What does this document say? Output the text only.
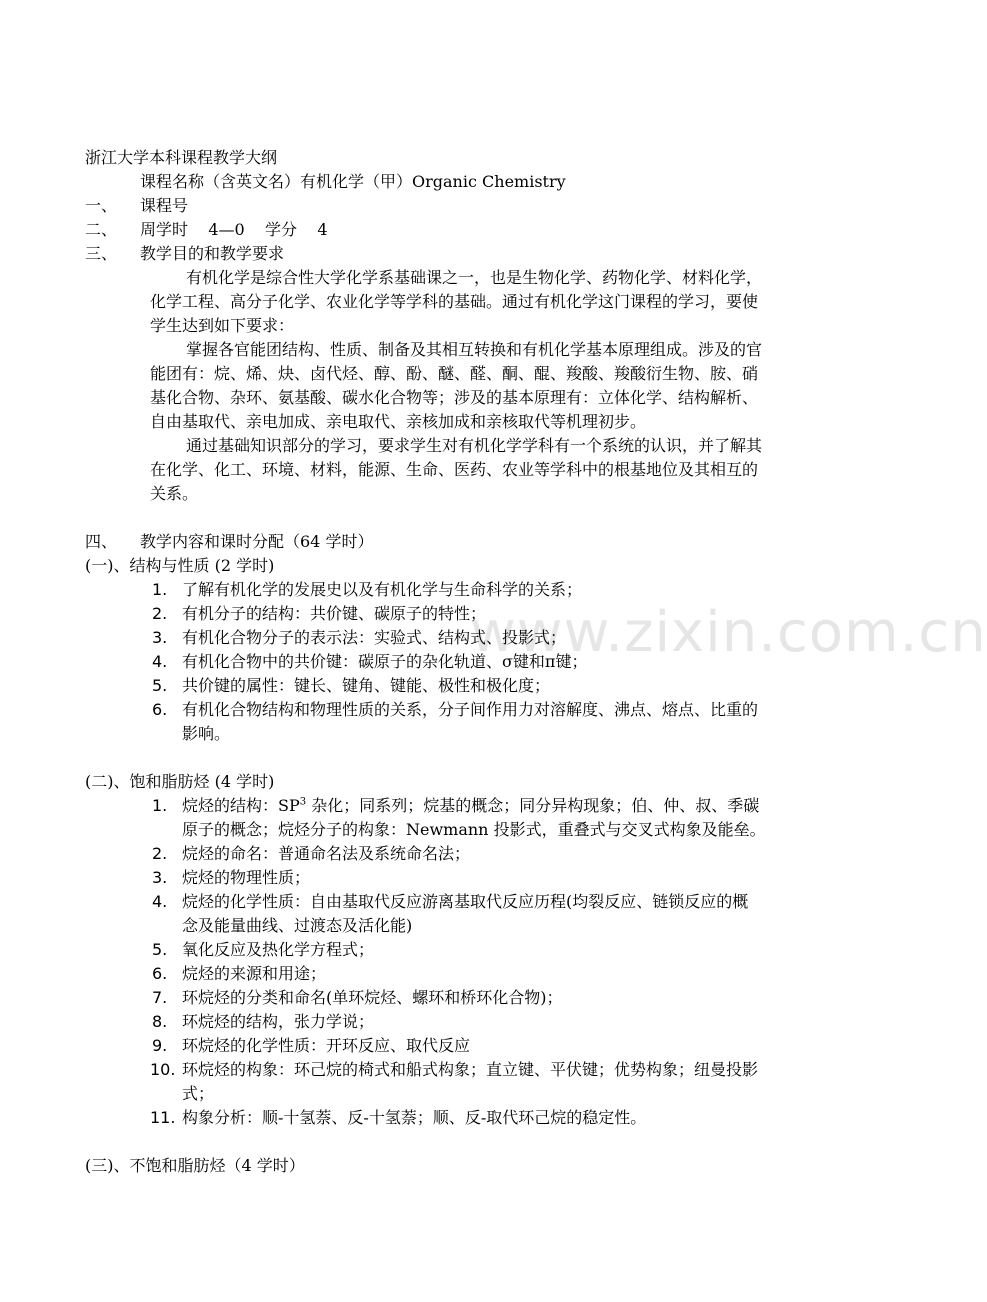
www.zixin.com.cn
浙江大学本科课程教学大纲
课程名称（含英文名）有机化学（甲）Organic Chemistry
一、 课程号
二、 周学时    4—0    学分    4
三、 教学目的和教学要求
有机化学是综合性大学化学系基础课之一，也是生物化学、药物化学、材料化学，
化学工程、高分子化学、农业化学等学科的基础。通过有机化学这门课程的学习，要使
学生达到如下要求：
掌握各官能团结构、性质、制备及其相互转换和有机化学基本原理组成。涉及的官
能团有：烷、烯、炔、卤代烃、醇、酚、醚、醛、酮、醌、羧酸、羧酸衍生物、胺、硝
基化合物、杂环、氨基酸、碳水化合物等；涉及的基本原理有：立体化学、结构解析、
自由基取代、亲电加成、亲电取代、亲核加成和亲核取代等机理初步。
通过基础知识部分的学习，要求学生对有机化学学科有一个系统的认识，并了解其
在化学、化工、环境、材料，能源、生命、医药、农业等学科中的根基地位及其相互的
关系。
四、 教学内容和课时分配（64 学时）
(一)、结构与性质 (2 学时)
1. 了解有机化学的发展史以及有机化学与生命科学的关系；
2. 有机分子的结构：共价键、碳原子的特性；
3. 有机化合物分子的表示法：实验式、结构式、投影式；
4. 有机化合物中的共价键：碳原子的杂化轨道、σ键和π键；
5. 共价键的属性：键长、键角、键能、极性和极化度；
6. 有机化合物结构和物理性质的关系，分子间作用力对溶解度、沸点、熔点、比重的
影响。
(二)、饱和脂肪烃 (4 学时)
1. 烷烃的结构：$SP^3$ 杂化；同系列；烷基的概念；同分异构现象；伯、仲、叔、季碳
原子的概念；烷烃分子的构象：Newmann 投影式，重叠式与交叉式构象及能垒。
2. 烷烃的命名：普通命名法及系统命名法；
3. 烷烃的物理性质；
4. 烷烃的化学性质：自由基取代反应游离基取代反应历程(均裂反应、链锁反应的概
念及能量曲线、过渡态及活化能)
5. 氧化反应及热化学方程式；
6. 烷烃的来源和用途；
7. 环烷烃的分类和命名(单环烷烃、螺环和桥环化合物)；
8. 环烷烃的结构，张力学说；
9. 环烷烃的化学性质：开环反应、取代反应
10. 环烷烃的构象：环己烷的椅式和船式构象；直立键、平伏键；优势构象；纽曼投影
式；
11. 构象分析：顺-十氢萘、反-十氢萘；顺、反-取代环己烷的稳定性。
(三)、不饱和脂肪烃（4 学时）
